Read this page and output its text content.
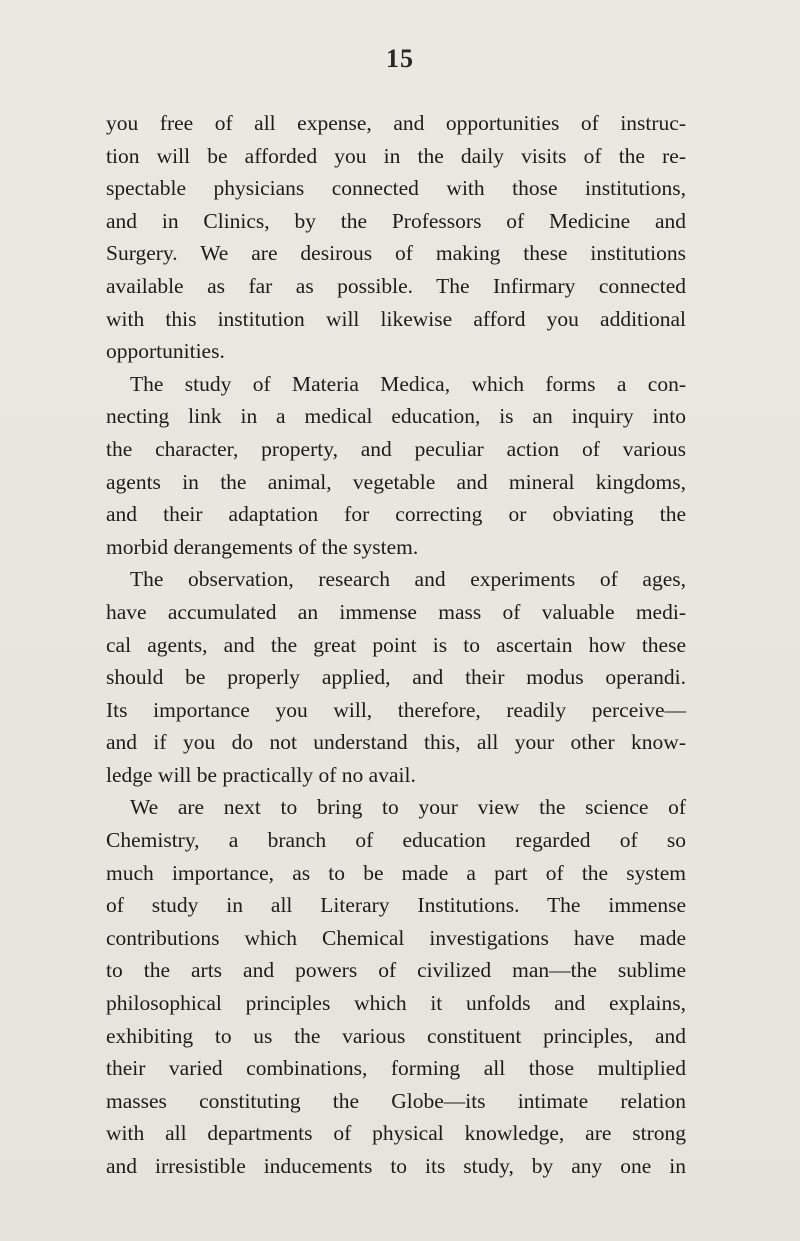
15
you free of all expense, and opportunities of instruc-
tion will be afforded you in the daily visits of the re-
spectable physicians connected with those institutions,
and in Clinics, by the Professors of Medicine and
Surgery. We are desirous of making these institutions
available as far as possible. The Infirmary connected
with this institution will likewise afford you additional
opportunities.
The study of Materia Medica, which forms a con-
necting link in a medical education, is an inquiry into
the character, property, and peculiar action of various
agents in the animal, vegetable and mineral kingdoms,
and their adaptation for correcting or obviating the
morbid derangements of the system.
The observation, research and experiments of ages,
have accumulated an immense mass of valuable medi-
cal agents, and the great point is to ascertain how these
should be properly applied, and their modus operandi.
Its importance you will, therefore, readily perceive—
and if you do not understand this, all your other know-
ledge will be practically of no avail.
We are next to bring to your view the science of
Chemistry, a branch of education regarded of so
much importance, as to be made a part of the system
of study in all Literary Institutions. The immense
contributions which Chemical investigations have made
to the arts and powers of civilized man—the sublime
philosophical principles which it unfolds and explains,
exhibiting to us the various constituent principles, and
their varied combinations, forming all those multiplied
masses constituting the Globe—its intimate relation
with all departments of physical knowledge, are strong
and irresistible inducements to its study, by any one in
